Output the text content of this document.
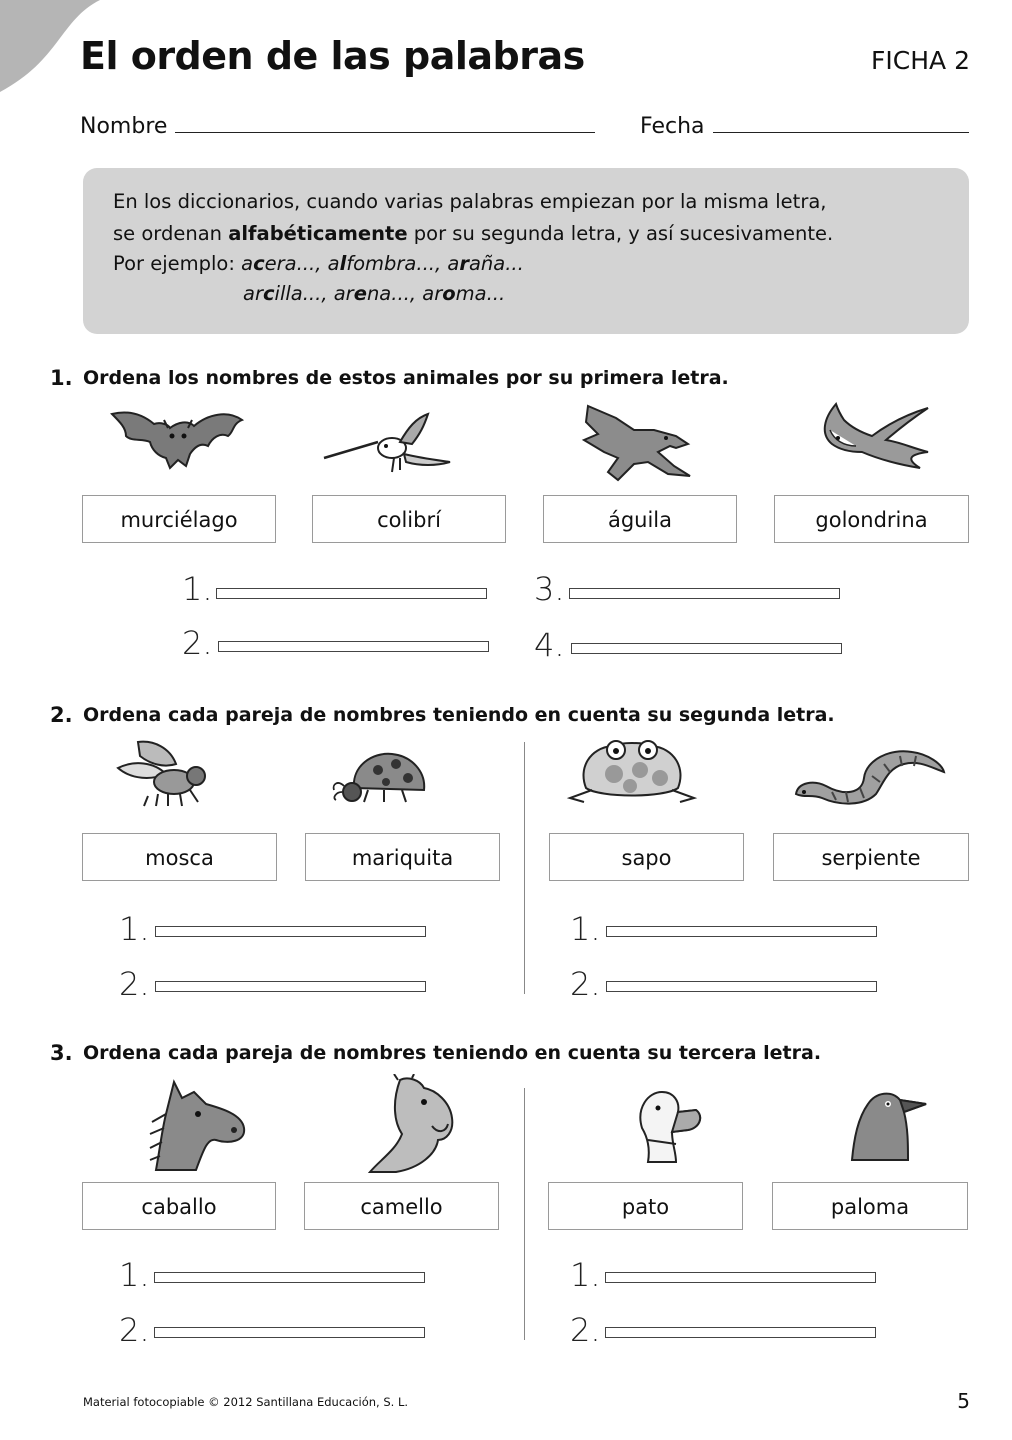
El orden de las palabras	FICHA 2
Nombre	Fecha
En los diccionarios, cuando varias palabras empiezan por la misma letra,
se ordenan alfabéticamente por su segunda letra, y así sucesivamente.
Por ejemplo: acera..., alfombra..., araña...
arcilla..., arena..., aroma...
1. Ordena los nombres de estos animales por su primera letra.
murciélago	colibrí	águila	golondrina
1.
2.
3.
4.
2. Ordena cada pareja de nombres teniendo en cuenta su segunda letra.
mosca	mariquita	sapo	serpiente
1.
2.
1.
2.
3. Ordena cada pareja de nombres teniendo en cuenta su tercera letra.
caballo	camello	pato	paloma
1.
2.
1.
2.
Material fotocopiable © 2012 Santillana Educación, S. L.	5
